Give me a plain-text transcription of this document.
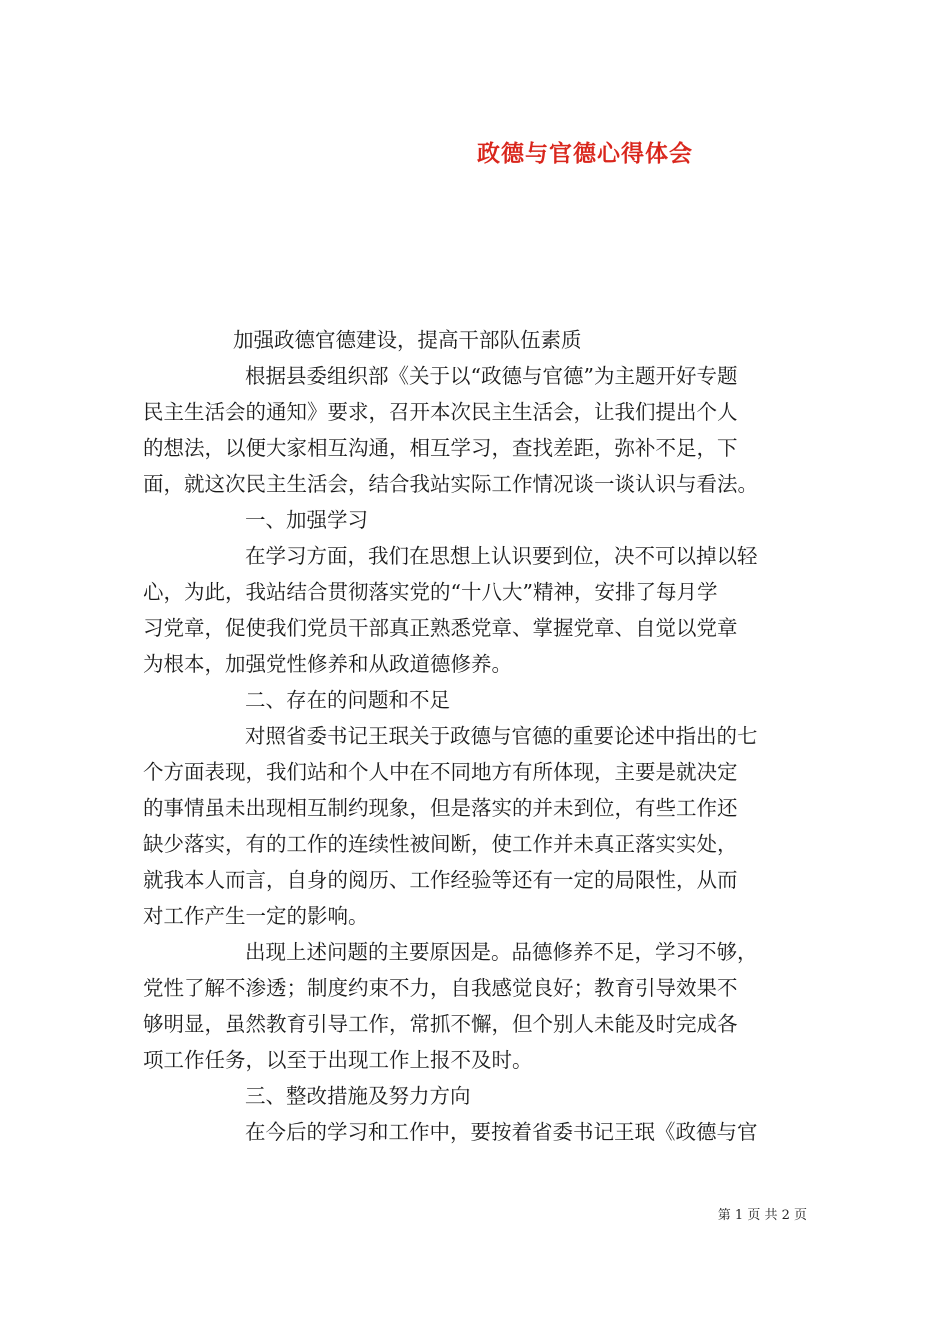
政德与官德心得体会
加强政德官德建设，提高干部队伍素质
根据县委组织部《关于以“政德与官德”为主题开好专题
民主生活会的通知》要求，召开本次民主生活会，让我们提出个人
的想法，以便大家相互沟通，相互学习，查找差距，弥补不足，下
面，就这次民主生活会，结合我站实际工作情况谈一谈认识与看法。
一、加强学习
在学习方面，我们在思想上认识要到位，决不可以掉以轻
心，为此，我站结合贯彻落实党的“十八大”精神，安排了每月学
习党章，促使我们党员干部真正熟悉党章、掌握党章、自觉以党章
为根本，加强党性修养和从政道德修养。
二、存在的问题和不足
对照省委书记王珉关于政德与官德的重要论述中指出的七
个方面表现，我们站和个人中在不同地方有所体现，主要是就决定
的事情虽未出现相互制约现象，但是落实的并未到位，有些工作还
缺少落实，有的工作的连续性被间断，使工作并未真正落实实处，
就我本人而言，自身的阅历、工作经验等还有一定的局限性，从而
对工作产生一定的影响。
出现上述问题的主要原因是。品德修养不足，学习不够，
党性了解不渗透；制度约束不力，自我感觉良好；教育引导效果不
够明显，虽然教育引导工作，常抓不懈，但个别人未能及时完成各
项工作任务，以至于出现工作上报不及时。
三、整改措施及努力方向
在今后的学习和工作中，要按着省委书记王珉《政德与官
第 1 页 共 2 页
